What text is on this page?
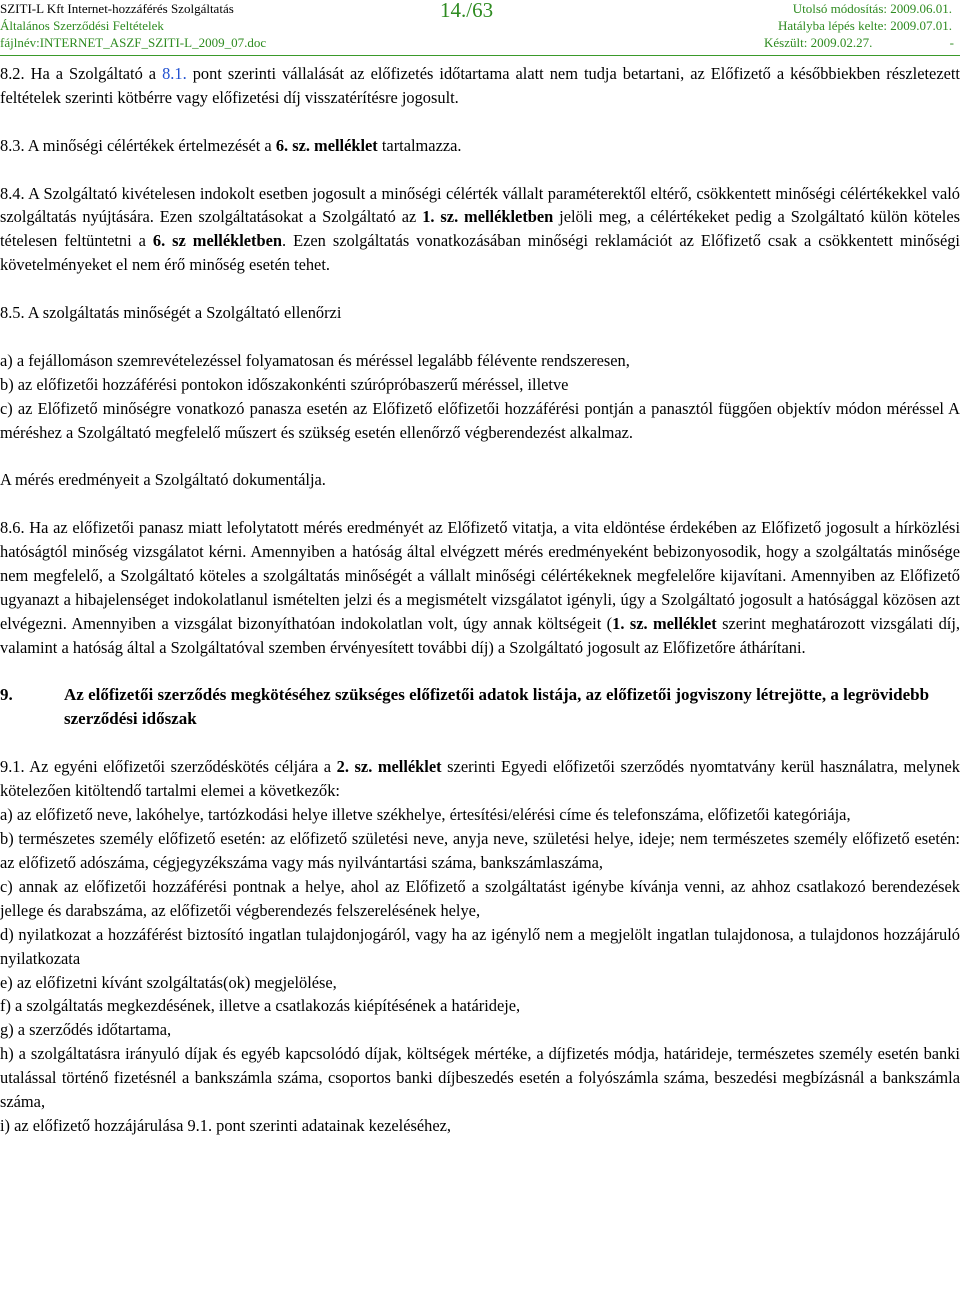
SZITI-L Kft Internet-hozzáférés Szolgáltatás
Általános Szerződési Feltételek
fájlnév:INTERNET_ASZF_SZITI-L_2009_07.doc
14./63	Utolsó módosítás: 2009.06.01.
Hatályba lépés kelte: 2009.07.01.
Készült: 2009.02.27.	-

8.2. Ha a Szolgáltató a 8.1. pont szerinti vállalását az előfizetés időtartama alatt nem tudja betartani, az Előfizető a későbbiekben részletezett feltételek szerinti kötbérre vagy előfizetési díj visszatérítésre jogosult.

8.3. A minőségi célértékek értelmezését a 6. sz. melléklet tartalmazza.

8.4. A Szolgáltató kivételesen indokolt esetben jogosult a minőségi célérték vállalt paraméterektől eltérő, csökkentett minőségi célértékekkel való szolgáltatás nyújtására. Ezen szolgáltatásokat a Szolgáltató az 1. sz. mellékletben jelöli meg, a célértékeket pedig a Szolgáltató külön köteles tételesen feltüntetni a 6. sz mellékletben. Ezen szolgáltatás vonatkozásában minőségi reklamációt az Előfizető csak a csökkentett minőségi követelményeket el nem érő minőség esetén tehet.

8.5. A szolgáltatás minőségét a Szolgáltató ellenőrzi

a) a fejállomáson szemrevételezéssel folyamatosan és méréssel legalább félévente rendszeresen,

b) az előfizetői hozzáférési pontokon időszakonkénti szúrópróbaszerű méréssel, illetve

c) az Előfizető minőségre vonatkozó panasza esetén az Előfizető előfizetői hozzáférési pontján a panasztól függően objektív módon méréssel A méréshez a Szolgáltató megfelelő műszert és szükség esetén ellenőrző végberendezést alkalmaz.

A mérés eredményeit a Szolgáltató dokumentálja.

8.6. Ha az előfizetői panasz miatt lefolytatott mérés eredményét az Előfizető vitatja, a vita eldöntése érdekében az Előfizető jogosult a hírközlési hatóságtól minőség vizsgálatot kérni. Amennyiben a hatóság által elvégzett mérés eredményeként bebizonyosodik, hogy a szolgáltatás minősége nem megfelelő, a Szolgáltató köteles a szolgáltatás minőségét a vállalt minőségi célértékeknek megfelelőre kijavítani. Amennyiben az Előfizető ugyanazt a hibajelenséget indokolatlanul ismételten jelzi és a megismételt vizsgálatot igényli, úgy a Szolgáltató jogosult a hatósággal közösen azt elvégezni. Amennyiben a vizsgálat bizonyíthatóan indokolatlan volt, úgy annak költségeit (1. sz. melléklet szerint meghatározott vizsgálati díj, valamint a hatóság által a Szolgáltatóval szemben érvényesített további díj) a Szolgáltató jogosult az Előfizetőre áthárítani.

9.	Az előfizetői szerződés megkötéséhez szükséges előfizetői adatok listája, az előfizetői jogviszony létrejötte, a legrövidebb szerződési időszak

9.1. Az egyéni előfizetői szerződéskötés céljára a 2. sz. melléklet szerinti Egyedi előfizetői szerződés nyomtatvány kerül használatra, melynek kötelezően kitöltendő tartalmi elemei a következők:

a) az előfizető neve, lakóhelye, tartózkodási helye illetve székhelye, értesítési/elérési címe és telefonszáma, előfizetői kategóriája,

b) természetes személy előfizető esetén: az előfizető születési neve, anyja neve, születési helye, ideje; nem természetes személy előfizető esetén: az előfizető adószáma, cégjegyzékszáma vagy más nyilvántartási száma, bankszámlaszáma,

c) annak az előfizetői hozzáférési pontnak a helye, ahol az Előfizető a szolgáltatást igénybe kívánja venni, az ahhoz csatlakozó berendezések jellege és darabszáma, az előfizetői végberendezés felszerelésének helye,

d) nyilatkozat a hozzáférést biztosító ingatlan tulajdonjogáról, vagy ha az igénylő nem a megjelölt ingatlan tulajdonosa, a tulajdonos hozzájáruló nyilatkozata

e) az előfizetni kívánt szolgáltatás(ok) megjelölése,

f) a szolgáltatás megkezdésének, illetve a csatlakozás kiépítésének a határideje,

g) a szerződés időtartama,

h) a szolgáltatásra irányuló díjak és egyéb kapcsolódó díjak, költségek mértéke, a díjfizetés módja, határideje, természetes személy esetén banki utalással történő fizetésnél a bankszámla száma, csoportos banki díjbeszedés esetén a folyószámla száma, beszedési megbízásnál a bankszámla száma,

i) az előfizető hozzájárulása 9.1. pont szerinti adatainak kezeléséhez,
